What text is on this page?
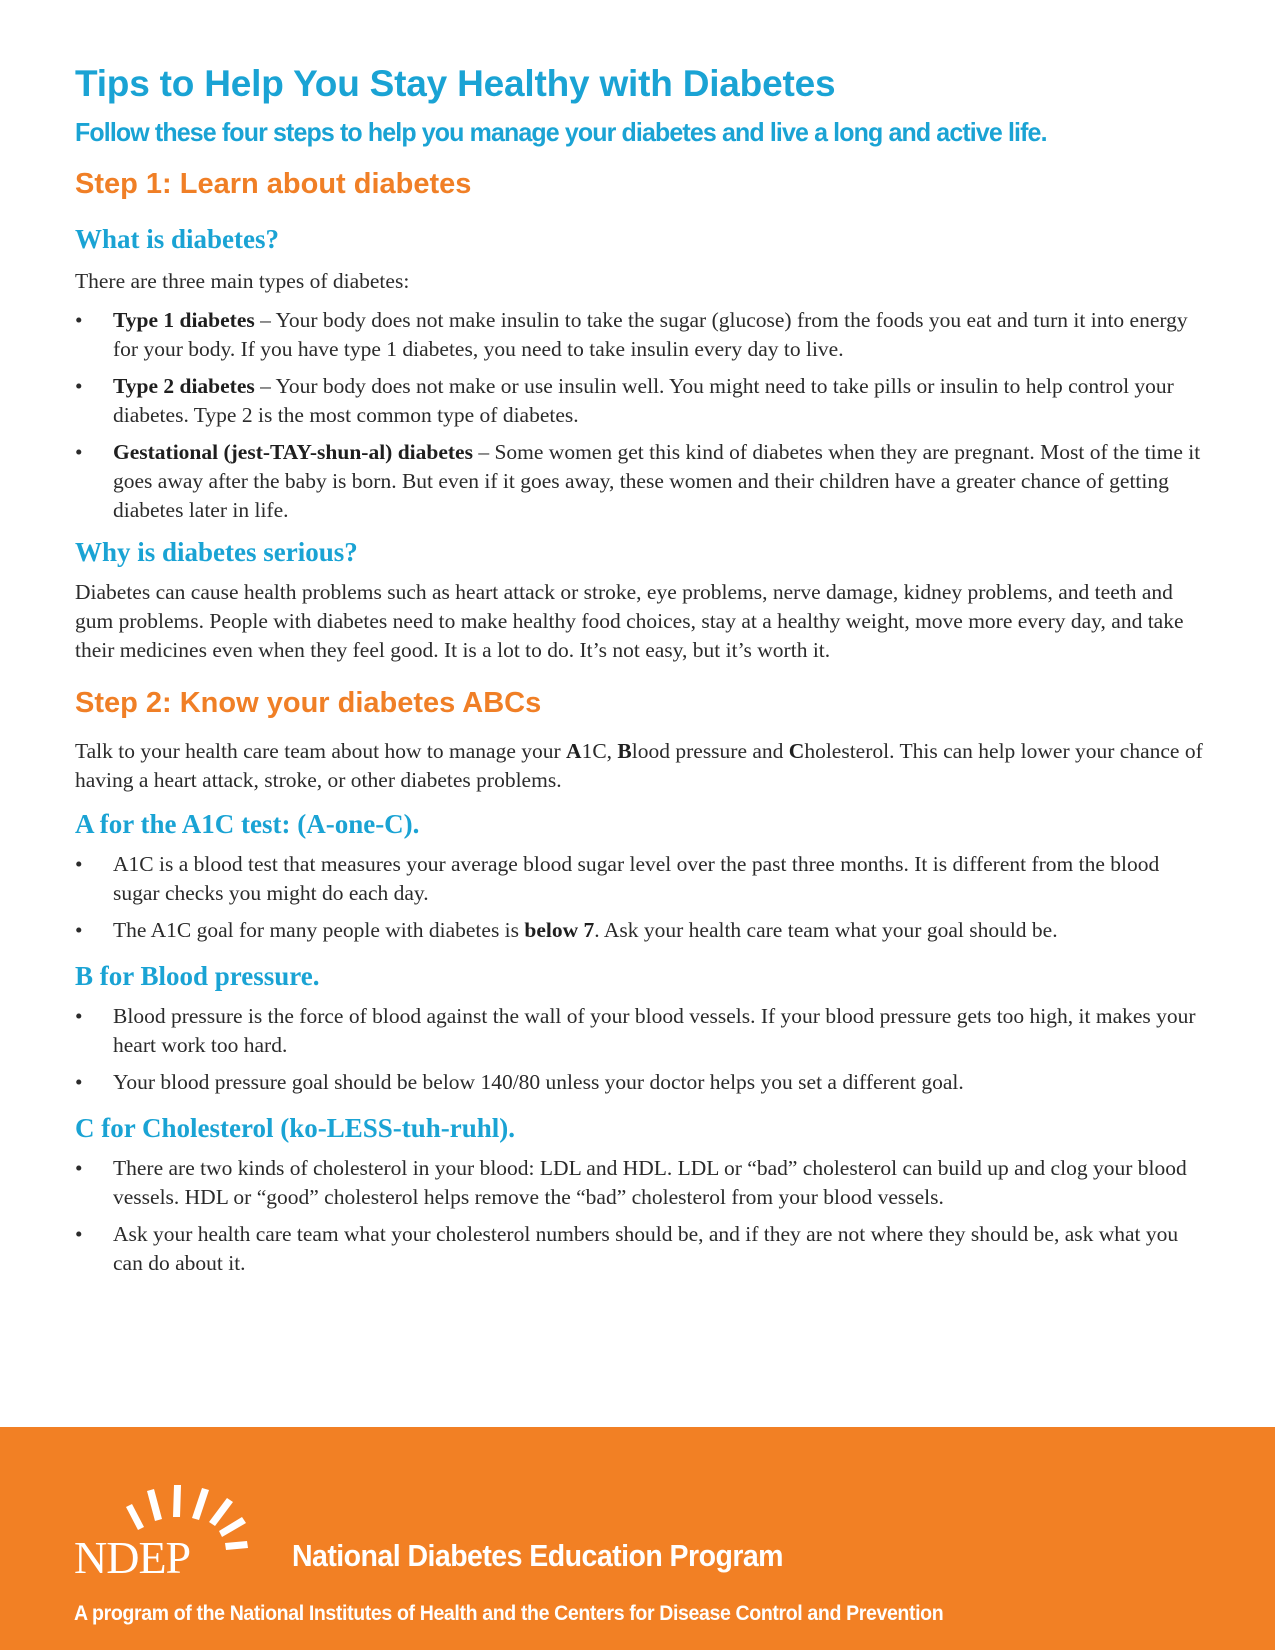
Tips to Help You Stay Healthy with Diabetes
Follow these four steps to help you manage your diabetes and live a long and active life.
Step 1: Learn about diabetes
What is diabetes?

There are three main types of diabetes:

• Type 1 diabetes – Your body does not make insulin to take the sugar (glucose) from the foods you eat and turn it into energy for your body. If you have type 1 diabetes, you need to take insulin every day to live.
• Type 2 diabetes – Your body does not make or use insulin well. You might need to take pills or insulin to help control your diabetes. Type 2 is the most common type of diabetes.
• Gestational (jest-TAY-shun-al) diabetes – Some women get this kind of diabetes when they are pregnant. Most of the time it goes away after the baby is born. But even if it goes away, these women and their children have a greater chance of getting diabetes later in life.
Why is diabetes serious?

Diabetes can cause health problems such as heart attack or stroke, eye problems, nerve damage, kidney problems, and teeth and gum problems. People with diabetes need to make healthy food choices, stay at a healthy weight, move more every day, and take their medicines even when they feel good. It is a lot to do. It’s not easy, but it’s worth it.

Step 2: Know your diabetes ABCs

Talk to your health care team about how to manage your A1C, Blood pressure and Cholesterol. This can help lower your chance of having a heart attack, stroke, or other diabetes problems.

A for the A1C test: (A-one-C).
• A1C is a blood test that measures your average blood sugar level over the past three months. It is different from the blood sugar checks you might do each day.
• The A1C goal for many people with diabetes is below 7. Ask your health care team what your goal should be.
B for Blood pressure.
• Blood pressure is the force of blood against the wall of your blood vessels. If your blood pressure gets too high, it makes your heart work too hard.
• Your blood pressure goal should be below 140/80 unless your doctor helps you set a different goal.
C for Cholesterol (ko-LESS-tuh-ruhl).
• There are two kinds of cholesterol in your blood: LDL and HDL. LDL or “bad” cholesterol can build up and clog your blood vessels. HDL or “good” cholesterol helps remove the “bad” cholesterol from your blood vessels.
• Ask your health care team what your cholesterol numbers should be, and if they are not where they should be, ask what you can do about it.
NDEP	National Diabetes Education Program
A program of the National Institutes of Health and the Centers for Disease Control and Prevention
